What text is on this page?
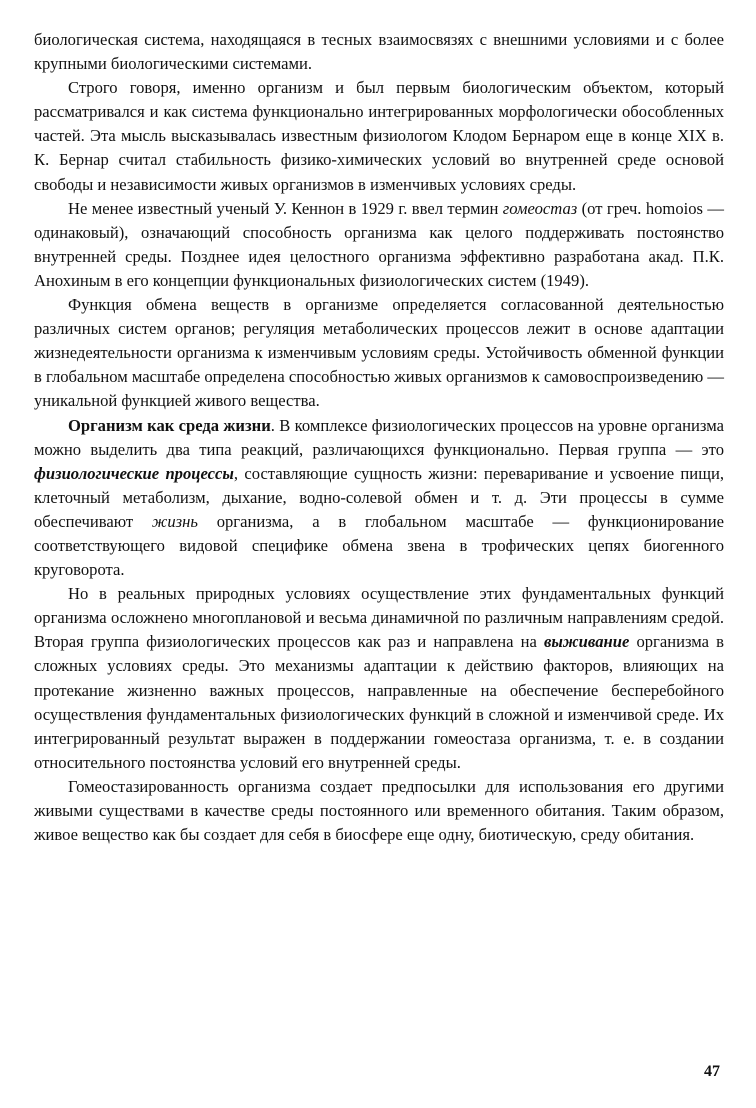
биологическая система, находящаяся в тесных взаимосвязях с внешними условиями и с более крупными биологическими системами.

Строго говоря, именно организм и был первым биологическим объектом, который рассматривался и как система функционально интегрированных морфологически обособленных частей. Эта мысль высказывалась известным физиологом Клодом Бернаром еще в конце XIX в. К. Бернар считал стабильность физико-химических условий во внутренней среде основой свободы и независимости живых организмов в изменчивых условиях среды.

Не менее известный ученый У. Кеннон в 1929 г. ввел термин гомеостаз (от греч. homoios — одинаковый), означающий способность организма как целого поддерживать постоянство внутренней среды. Позднее идея целостного организма эффективно разработана акад. П.К. Анохиным в его концепции функциональных физиологических систем (1949).

Функция обмена веществ в организме определяется согласованной деятельностью различных систем органов; регуляция метаболических процессов лежит в основе адаптации жизнедеятельности организма к изменчивым условиям среды. Устойчивость обменной функции в глобальном масштабе определена способностью живых организмов к самовоспроизведению — уникальной функцией живого вещества.

Организм как среда жизни. В комплексе физиологических процессов на уровне организма можно выделить два типа реакций, различающихся функционально. Первая группа — это физиологические процессы, составляющие сущность жизни: переваривание и усвоение пищи, клеточный метаболизм, дыхание, водно-солевой обмен и т. д. Эти процессы в сумме обеспечивают жизнь организма, а в глобальном масштабе — функционирование соответствующего видовой специфике обмена звена в трофических цепях биогенного круговорота.

Но в реальных природных условиях осуществление этих фундаментальных функций организма осложнено многоплановой и весьма динамичной по различным направлениям средой. Вторая группа физиологических процессов как раз и направлена на выживание организма в сложных условиях среды. Это механизмы адаптации к действию факторов, влияющих на протекание жизненно важных процессов, направленные на обеспечение бесперебойного осуществления фундаментальных физиологических функций в сложной и изменчивой среде. Их интегрированный результат выражен в поддержании гомеостаза организма, т. е. в создании относительного постоянства условий его внутренней среды.

Гомеостазированность организма создает предпосылки для использования его другими живыми существами в качестве среды постоянного или временного обитания. Таким образом, живое вещество как бы создает для себя в биосфере еще одну, биотическую, среду обитания.

47
